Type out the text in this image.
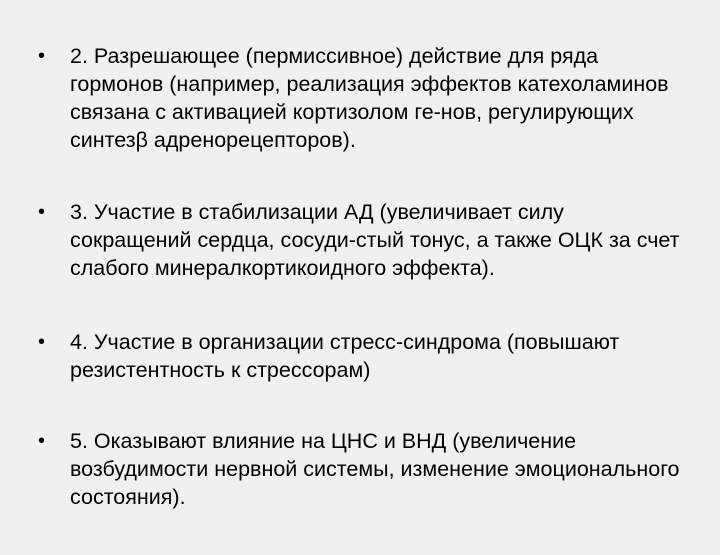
•	2. Разрешающее (пермиссивное) действие для ряда гормонов (например, реализация эффектов катехоламинов связана с активацией кортизолом ге-нов, регулирующих синтезβ адренорецепторов).
•	3. Участие в стабилизации АД (увеличивает силу сокращений сердца, сосуди-стый тонус, а также ОЦК за счет слабого минералкортикоидного эффекта).
•	4. Участие в организации стресс-синдрома (повышают резистентность к стрессорам)
•	5. Оказывают влияние на ЦНС и ВНД (увеличение возбудимости нервной системы, изменение эмоционального состояния).
